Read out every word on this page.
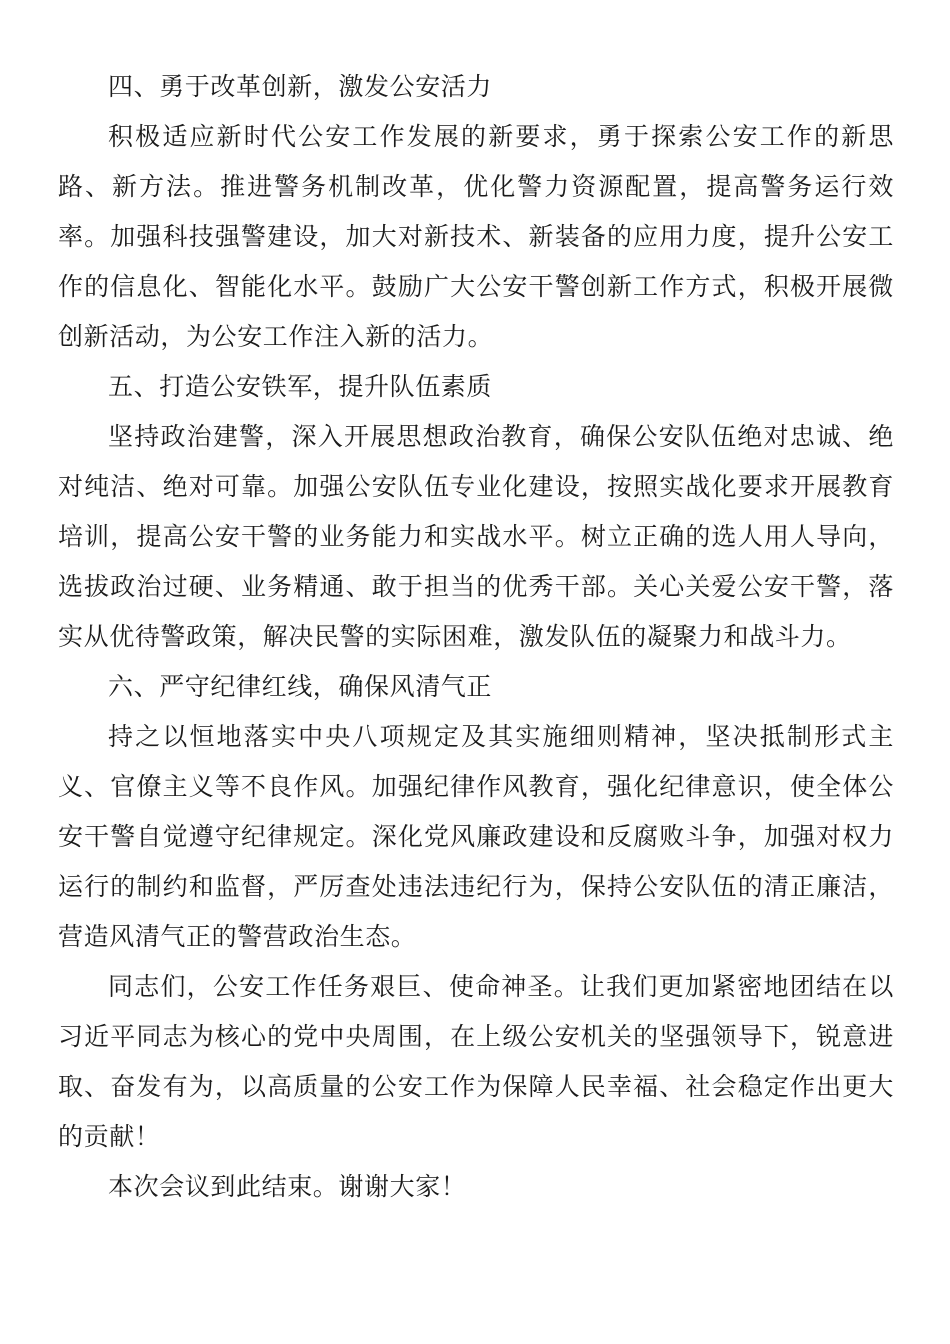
四、勇于改革创新，激发公安活力

积极适应新时代公安工作发展的新要求，勇于探索公安工作的新思路、新方法。推进警务机制改革，优化警力资源配置，提高警务运行效率。加强科技强警建设，加大对新技术、新装备的应用力度，提升公安工作的信息化、智能化水平。鼓励广大公安干警创新工作方式，积极开展微创新活动，为公安工作注入新的活力。

五、打造公安铁军，提升队伍素质

坚持政治建警，深入开展思想政治教育，确保公安队伍绝对忠诚、绝对纯洁、绝对可靠。加强公安队伍专业化建设，按照实战化要求开展教育培训，提高公安干警的业务能力和实战水平。树立正确的选人用人导向，选拔政治过硬、业务精通、敢于担当的优秀干部。关心关爱公安干警，落实从优待警政策，解决民警的实际困难，激发队伍的凝聚力和战斗力。

六、严守纪律红线，确保风清气正

持之以恒地落实中央八项规定及其实施细则精神，坚决抵制形式主义、官僚主义等不良作风。加强纪律作风教育，强化纪律意识，使全体公安干警自觉遵守纪律规定。深化党风廉政建设和反腐败斗争，加强对权力运行的制约和监督，严厉查处违法违纪行为，保持公安队伍的清正廉洁，营造风清气正的警营政治生态。

同志们，公安工作任务艰巨、使命神圣。让我们更加紧密地团结在以习近平同志为核心的党中央周围，在上级公安机关的坚强领导下，锐意进取、奋发有为，以高质量的公安工作为保障人民幸福、社会稳定作出更大的贡献！

本次会议到此结束。谢谢大家！
